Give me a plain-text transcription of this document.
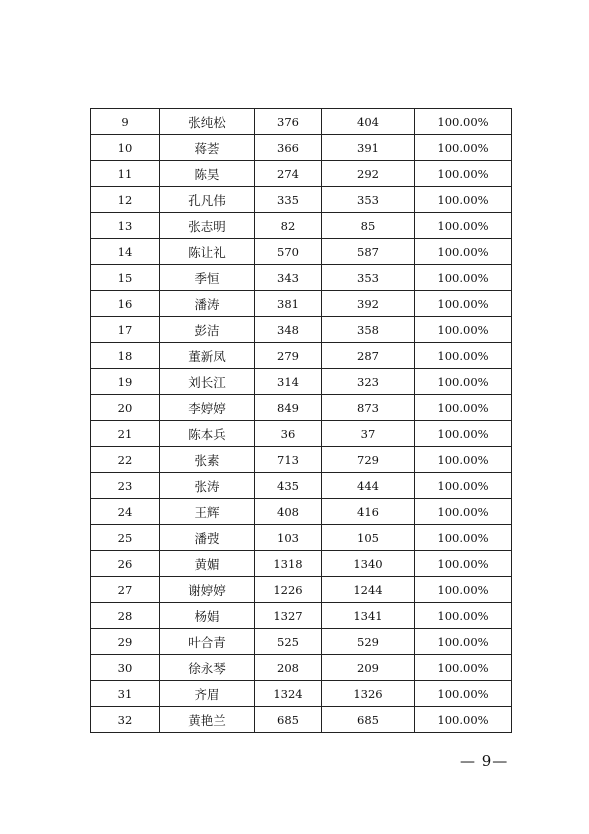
9	张纯松	376	404	100.00%
10	蒋荟	366	391	100.00%
11	陈昊	274	292	100.00%
12	孔凡伟	335	353	100.00%
13	张志明	82	85	100.00%
14	陈让礼	570	587	100.00%
15	季恒	343	353	100.00%
16	潘涛	381	392	100.00%
17	彭洁	348	358	100.00%
18	董新凤	279	287	100.00%
19	刘长江	314	323	100.00%
20	李婷婷	849	873	100.00%
21	陈本兵	36	37	100.00%
22	张素	713	729	100.00%
23	张涛	435	444	100.00%
24	王辉	408	416	100.00%
25	潘弢	103	105	100.00%
26	黄媚	1318	1340	100.00%
27	谢婷婷	1226	1244	100.00%
28	杨娟	1327	1341	100.00%
29	叶合青	525	529	100.00%
30	徐永琴	208	209	100.00%
31	齐眉	1324	1326	100.00%
32	黄艳兰	685	685	100.00%
— 9—
